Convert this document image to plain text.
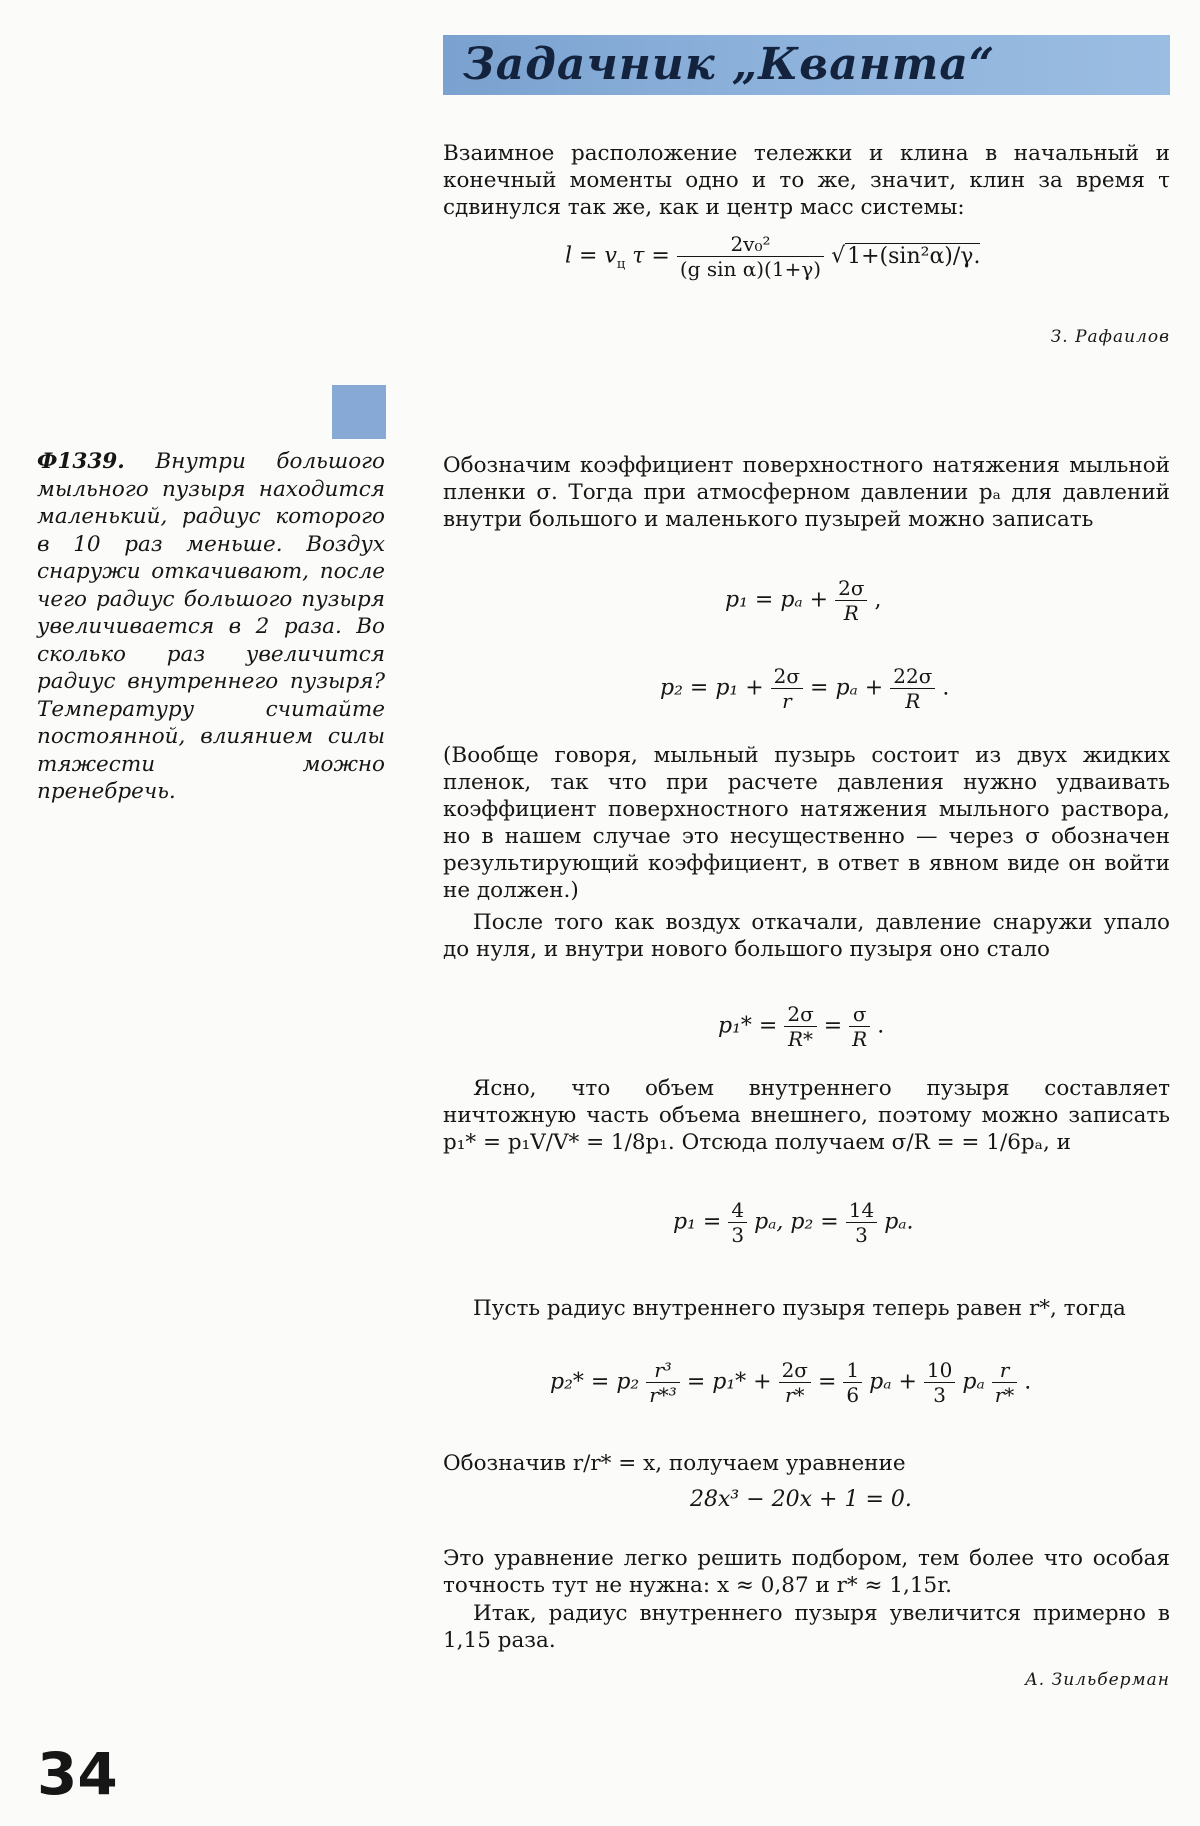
Задачник „Кванта“

Взаимное расположение тележки и клина в начальный и конечный моменты одно и то же, значит, клин за время τ сдвинулся так же, как и центр масс системы:

$l = v_ц$ $\tau = \frac{\text{2v₀²}}{\text{(g sin α)(1+γ)}} √1+(\sin^2\alpha)/\gamma$.
З. Рафаилов
Ф1339. Внутри большого мыльного пузыря находится маленький, радиус которого в 10 раз меньше. Воздух снаружи откачивают, после чего радиус большого пузыря увеличивается в 2 раза. Во сколько раз увеличится радиус внутреннего пузыря? Температуру считайте постоянной, влиянием силы тяжести можно пренебречь.

Обозначим коэффициент поверхностного натяжения мыльной пленки σ. Тогда при атмосферном давлении pₐ для давлений внутри большого и маленького пузырей можно записать

$p_1 = p_a + \frac{2\sigma}{R}$ ,
$p_2 = p_1 + \frac{2\sigma}{r} = p_a + \frac{22\sigma}{R}$ .

(Вообще говоря, мыльный пузырь состоит из двух жидких пленок, так что при расчете давления нужно удваивать коэффициент поверхностного натяжения мыльного раствора, но в нашем случае это несущественно — через σ обозначен результирующий коэффициент, в ответ в явном виде он войти не должен.)

После того как воздух откачали, давление снаружи упало до нуля, и внутри нового большого пузыря оно стало

$p_1* = \frac{2\sigma}{R*} = \frac{\sigma}{R}$ .

Ясно, что объем внутреннего пузыря составляет ничтожную часть объема внешнего, поэтому можно записать p₁* = p₁V/V* = 1/8p₁. Отсюда получаем σ/R = = 1/6pₐ, и

$p_1 = \frac{4}{3} p_a$, $p_2 = \frac{14}{3} p_a$.

Пусть радиус внутреннего пузыря теперь равен r*, тогда

$p_2* = p_2 \frac{\text{r³}}{\text{r*³}} = p_1* + \frac{2\sigma}{r*} = \frac{1}{6}$ $p_a + \frac{10}{3}$ pₐ $\frac{r}{r*}$ .

Обозначив r/r* = x, получаем уравнение

28x³ − 20x + 1 = 0.

Это уравнение легко решить подбором, тем более что особая точность тут не нужна: x ≈ 0,87 и r* ≈ 1,15r.

Итак, радиус внутреннего пузыря увеличится примерно в 1,15 раза.

А. Зильберман
34
